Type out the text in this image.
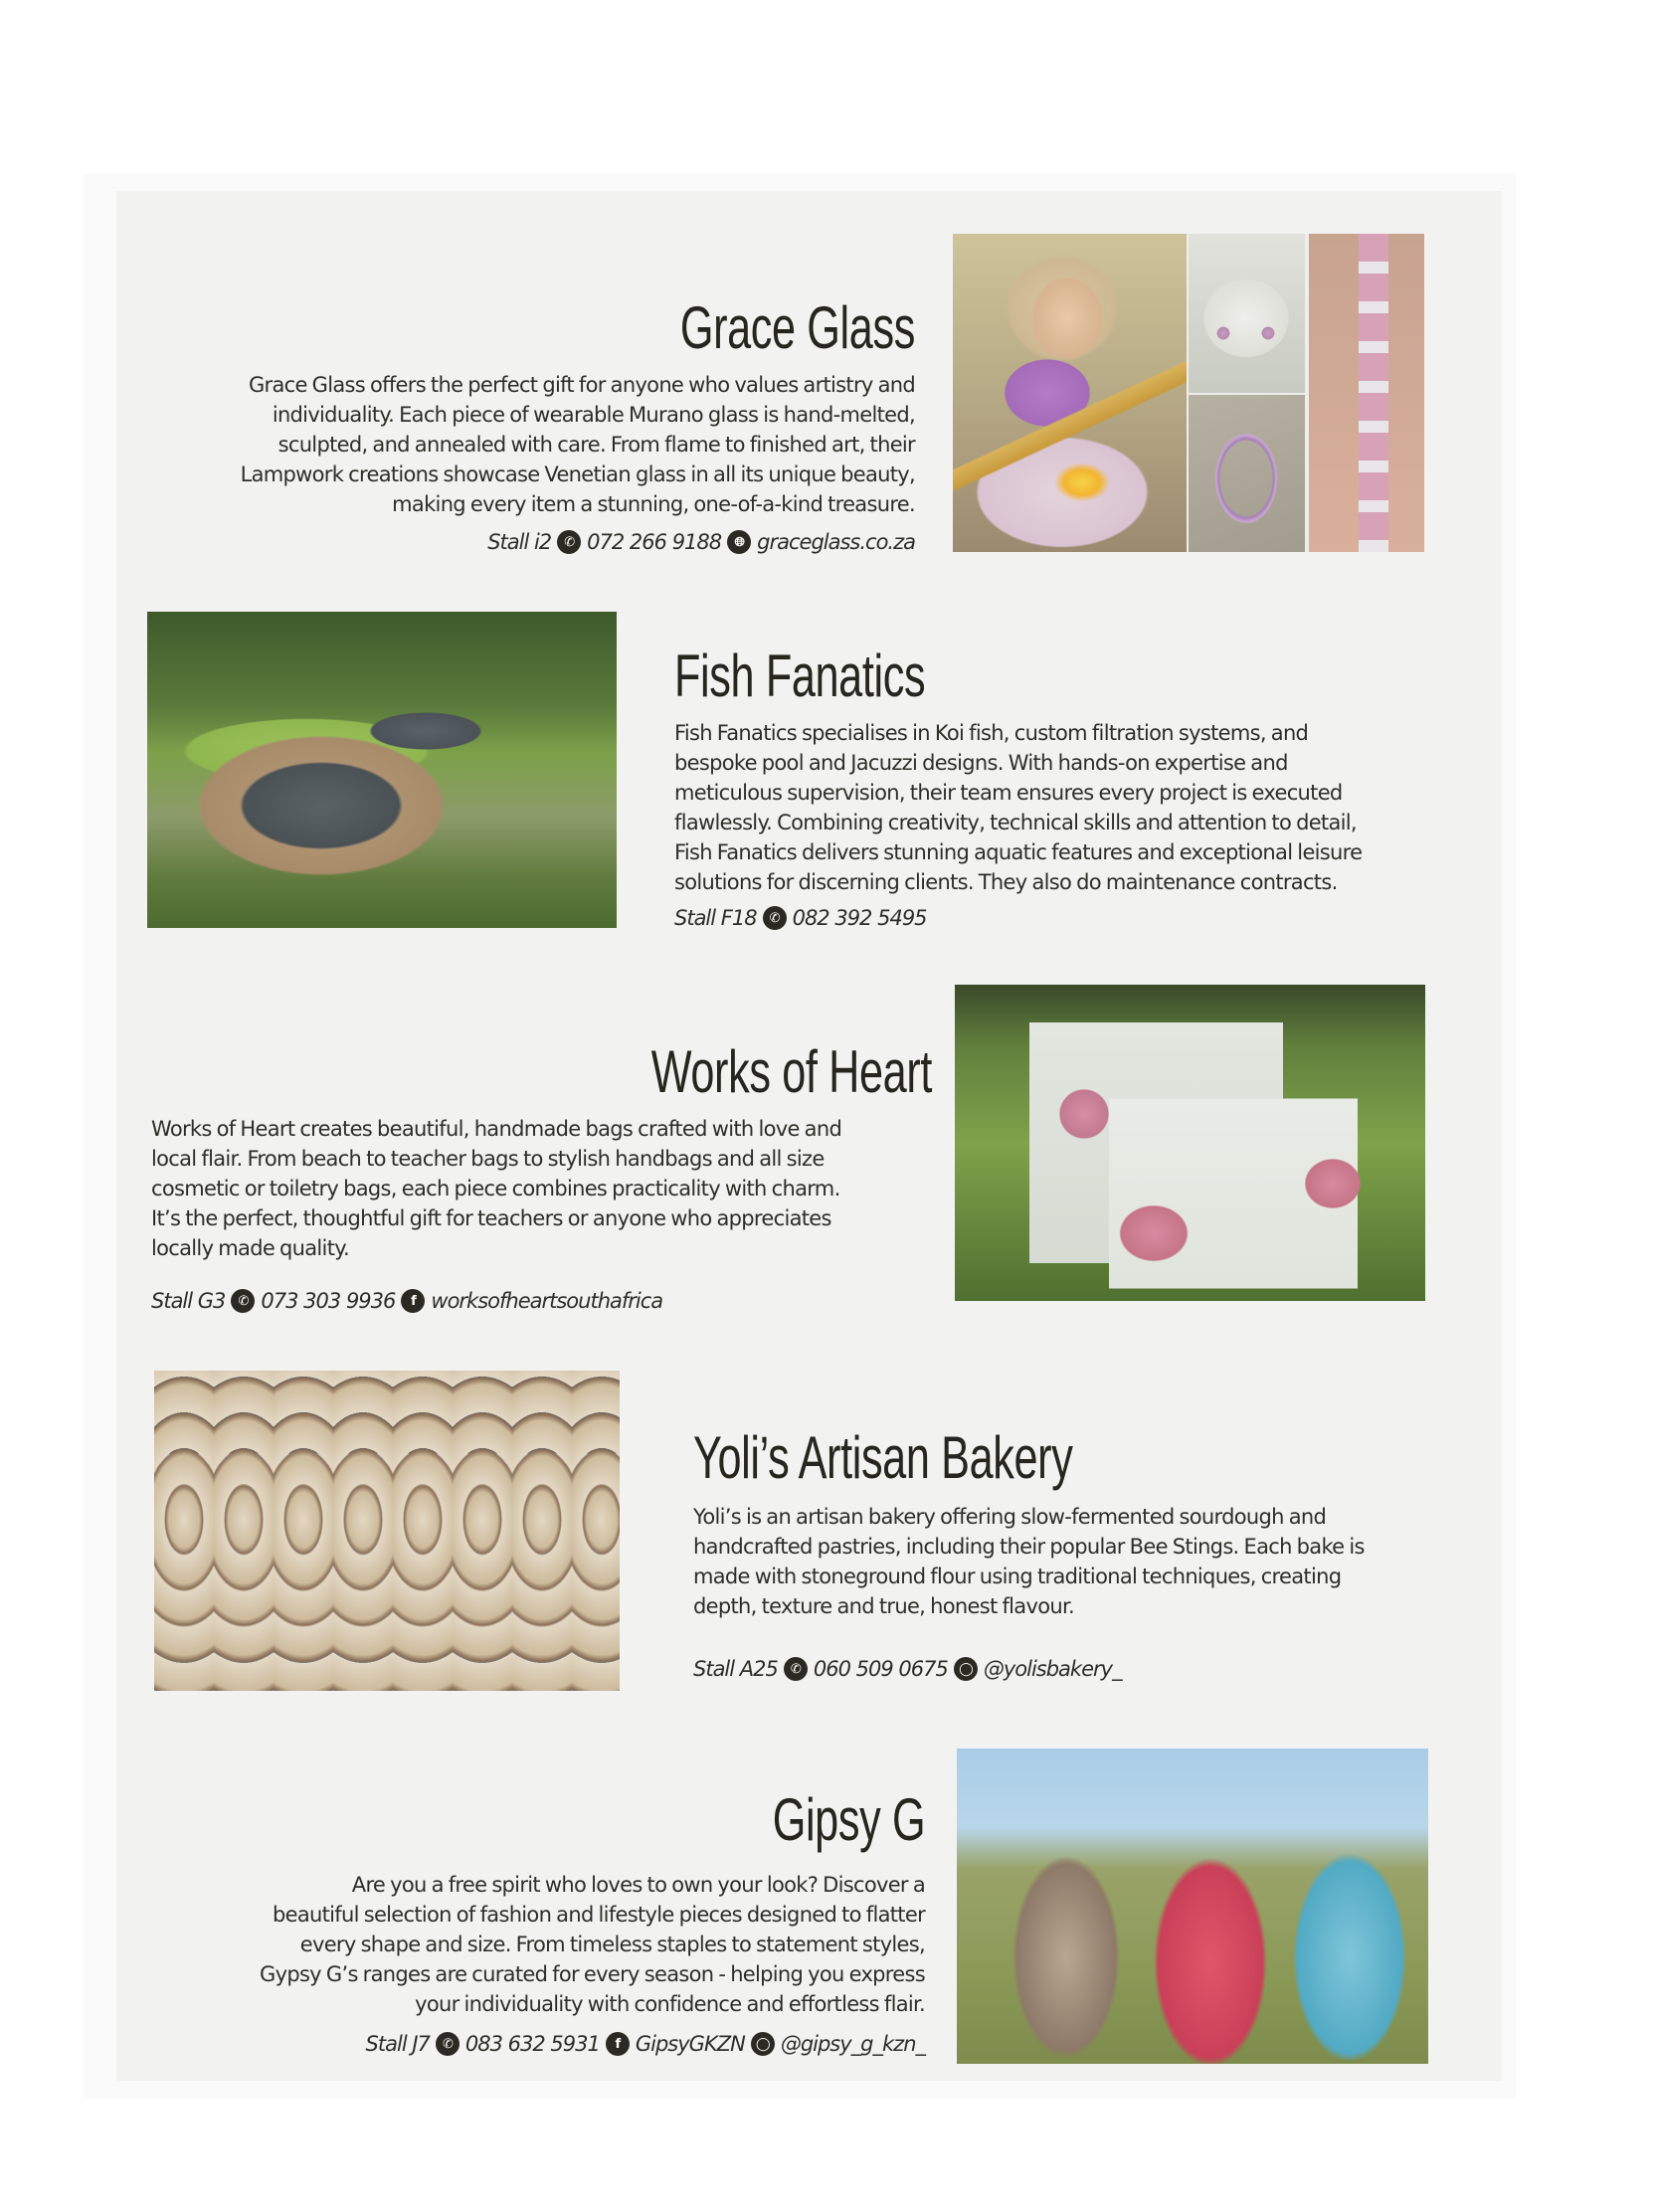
Grace Glass
Grace Glass offers the perfect gift for anyone who values artistry and
individuality. Each piece of wearable Murano glass is hand-melted,
sculpted, and annealed with care. From flame to finished art, their
Lampwork creations showcase Venetian glass in all its unique beauty,
making every item a stunning, one-of-a-kind treasure.
Stall i2	✆ 072 266 9188	🌐︎ graceglass.co.za
Fish Fanatics
Fish Fanatics specialises in Koi fish, custom filtration systems, and
bespoke pool and Jacuzzi designs. With hands-on expertise and
meticulous supervision, their team ensures every project is executed
flawlessly. Combining creativity, technical skills and attention to detail,
Fish Fanatics delivers stunning aquatic features and exceptional leisure
solutions for discerning clients. They also do maintenance contracts.
Stall F18	✆ 082 392 5495
Works of Heart
Works of Heart creates beautiful, handmade bags crafted with love and
local flair. From beach to teacher bags to stylish handbags and all size
cosmetic or toiletry bags, each piece combines practicality with charm.
It’s the perfect, thoughtful gift for teachers or anyone who appreciates
locally made quality.
Stall G3	✆ 073 303 9936	f worksofheartsouthafrica
Yoli’s Artisan Bakery
Yoli’s is an artisan bakery offering slow-fermented sourdough and
handcrafted pastries, including their popular Bee Stings. Each bake is
made with stoneground flour using traditional techniques, creating
depth, texture and true, honest flavour.
Stall A25	✆ 060 509 0675 ◯ @yolisbakery_
Gipsy G
Are you a free spirit who loves to own your look? Discover a
beautiful selection of fashion and lifestyle pieces designed to flatter
every shape and size. From timeless staples to statement styles,
Gypsy G’s ranges are curated for every season - helping you express
your individuality with confidence and effortless flair.
Stall J7	✆ 083 632 5931	f GipsyGKZN ◯ @gipsy_g_kzn_
